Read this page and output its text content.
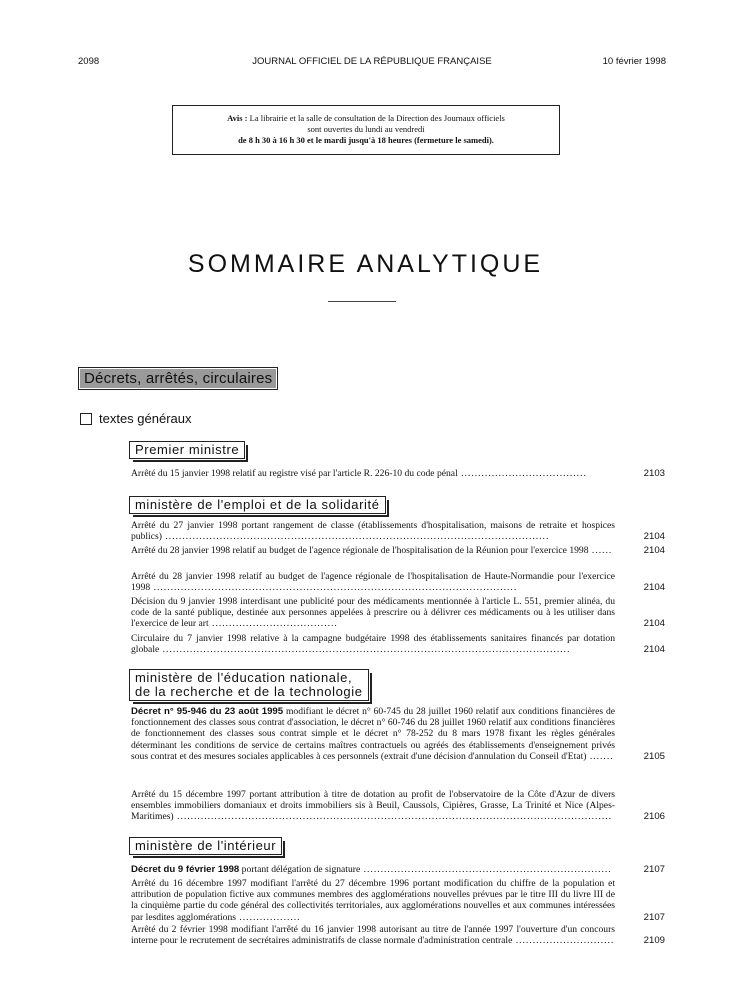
2098	JOURNAL OFFICIEL DE LA RÉPUBLIQUE FRANÇAISE	10 février 1998
Avis : La librairie et la salle de consultation de la Direction des Journaux officiels
sont ouvertes du lundi au vendredi
de 8 h 30 à 16 h 30 et le mardi jusqu'à 18 heures (fermeture le samedi).
SOMMAIRE ANALYTIQUE
Décrets, arrêtés, circulaires
textes généraux
Premier ministre
Arrêté du 15 janvier 1998 relatif au registre visé par l'article R. 226-10 du code pénal .....................................	2103
ministère de l'emploi et de la solidarité
Arrêté du 27 janvier 1998 portant rangement de classe (établissements d'hospitalisation, maisons de retraite et hospices publics) .................................................................................................................	2104
Arrêté du 28 janvier 1998 relatif au budget de l'agence régionale de l'hospitalisation de la Réunion pour l'exercice 1998 ......	2104
Arrêté du 28 janvier 1998 relatif au budget de l'agence régionale de l'hospitalisation de Haute-Normandie pour l'exercice 1998 ...........................................................................................................	2104
Décision du 9 janvier 1998 interdisant une publicité pour des médicaments mentionnée à l'article L. 551, premier alinéa, du code de la santé publique, destinée aux personnes appelées à prescrire ou à délivrer ces médicaments ou à les utiliser dans l'exercice de leur art .....................................	2104
Circulaire du 7 janvier 1998 relative à la campagne budgétaire 1998 des établissements sanitaires financés par dotation globale ........................................................................................................................	2104
ministère de l'éducation nationale,
de la recherche et de la technologie
Décret n° 95-946 du 23 août 1995 modifiant le décret n° 60-745 du 28 juillet 1960 relatif aux conditions financières de fonctionnement des classes sous contrat d'association, le décret n° 60-746 du 28 juillet 1960 relatif aux conditions financières de fonctionnement des classes sous contrat simple et le décret n° 78-252 du 8 mars 1978 fixant les règles générales déterminant les conditions de service de certains maîtres contractuels ou agréés des établissements d'enseignement privés sous contrat et des mesures sociales applicables à ces personnels (extrait d'une décision d'annulation du Conseil d'Etat) .......	2105
Arrêté du 15 décembre 1997 portant attribution à titre de dotation au profit de l'observatoire de la Côte d'Azur de divers ensembles immobiliers domaniaux et droits immobiliers sis à Beuil, Caussols, Cipières, Grasse, La Trinité et Nice (Alpes-Maritimes) ................................................................................................................................	2106
ministère de l'intérieur
Décret du 9 février 1998 portant délégation de signature .........................................................................	2107
Arrêté du 16 décembre 1997 modifiant l'arrêté du 27 décembre 1996 portant modification du chiffre de la population et attribution de population fictive aux communes membres des agglomérations nouvelles prévues par le titre III du livre III de la cinquième partie du code général des collectivités territoriales, aux agglomérations nouvelles et aux communes intéressées par lesdites agglomérations ..................	2107
Arrêté du 2 février 1998 modifiant l'arrêté du 16 janvier 1998 autorisant au titre de l'année 1997 l'ouverture d'un concours interne pour le recrutement de secrétaires administratifs de classe normale d'administration centrale .............................	2109
